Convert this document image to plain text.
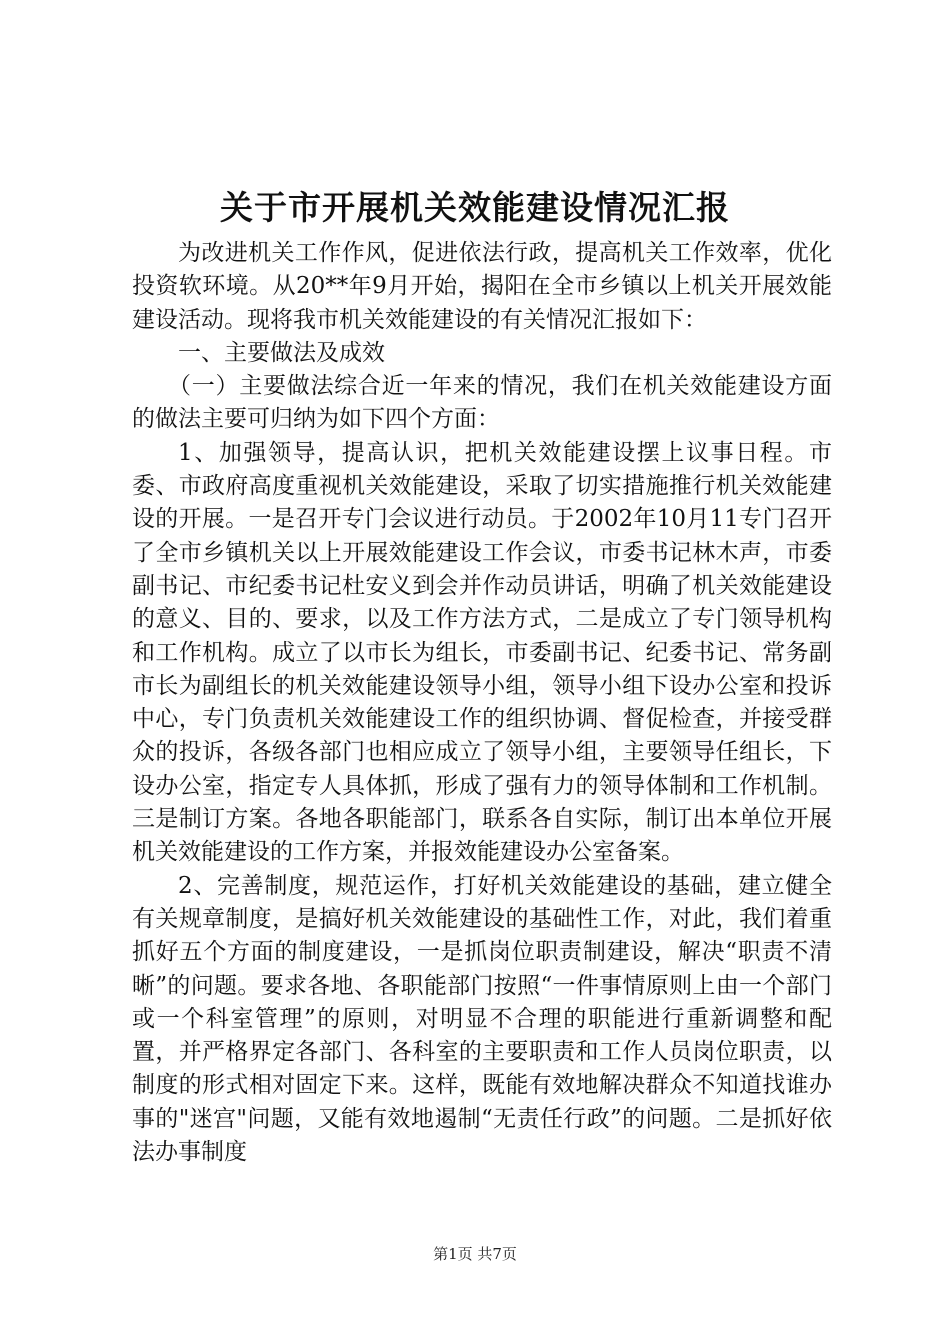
关于市开展机关效能建设情况汇报

为改进机关工作作风，促进依法行政，提高机关工作效率，优化投资软环境。从20**年9月开始，揭阳在全市乡镇以上机关开展效能建设活动。现将我市机关效能建设的有关情况汇报如下：

一、主要做法及成效

（一）主要做法综合近一年来的情况，我们在机关效能建设方面的做法主要可归纳为如下四个方面：

1、加强领导，提高认识，把机关效能建设摆上议事日程。市委、市政府高度重视机关效能建设，采取了切实措施推行机关效能建设的开展。一是召开专门会议进行动员。于2002年10月11专门召开了全市乡镇机关以上开展效能建设工作会议，市委书记林木声，市委副书记、市纪委书记杜安义到会并作动员讲话，明确了机关效能建设的意义、目的、要求，以及工作方法方式，二是成立了专门领导机构和工作机构。成立了以市长为组长，市委副书记、纪委书记、常务副市长为副组长的机关效能建设领导小组，领导小组下设办公室和投诉中心，专门负责机关效能建设工作的组织协调、督促检查，并接受群众的投诉，各级各部门也相应成立了领导小组，主要领导任组长，下设办公室，指定专人具体抓，形成了强有力的领导体制和工作机制。三是制订方案。各地各职能部门，联系各自实际，制订出本单位开展机关效能建设的工作方案，并报效能建设办公室备案。

2、完善制度，规范运作，打好机关效能建设的基础，建立健全有关规章制度，是搞好机关效能建设的基础性工作，对此，我们着重抓好五个方面的制度建设，一是抓岗位职责制建设，解决“职责不清晰”的问题。要求各地、各职能部门按照“一件事情原则上由一个部门或一个科室管理”的原则，对明显不合理的职能进行重新调整和配置，并严格界定各部门、各科室的主要职责和工作人员岗位职责，以制度的形式相对固定下来。这样，既能有效地解决群众不知道找谁办事的"迷宫"问题，又能有效地遏制“无责任行政”的问题。二是抓好依法办事制度

第1页 共7页
